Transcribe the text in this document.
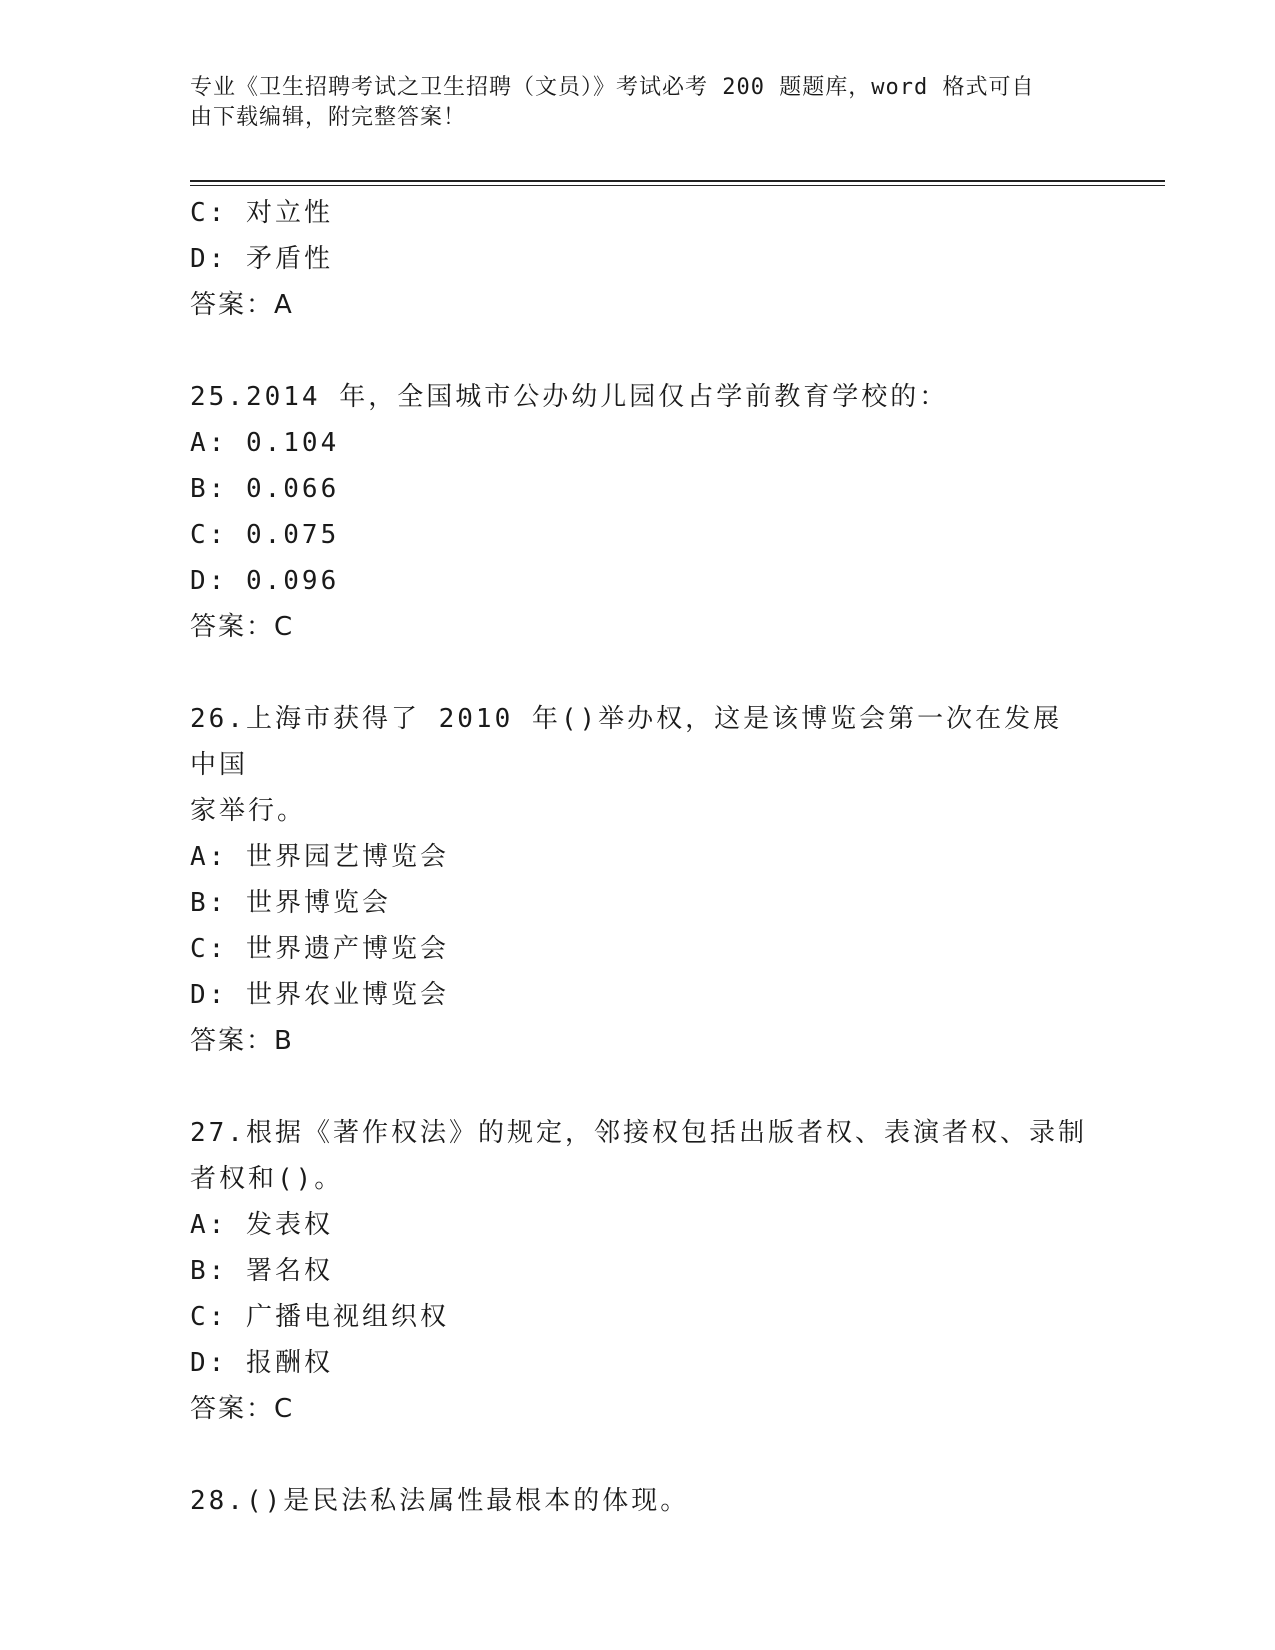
专业《卫生招聘考试之卫生招聘（文员）》考试必考 200 题题库，word 格式可自
由下载编辑，附完整答案！
C: 对立性
D: 矛盾性
答案：A
25.2014 年，全国城市公办幼儿园仅占学前教育学校的：
A: 0.104
B: 0.066
C: 0.075
D: 0.096
答案：C
26.上海市获得了 2010 年()举办权，这是该博览会第一次在发展中国
家举行。
A: 世界园艺博览会
B: 世界博览会
C: 世界遗产博览会
D: 世界农业博览会
答案：B
27.根据《著作权法》的规定，邻接权包括出版者权、表演者权、录制
者权和()。
A: 发表权
B: 署名权
C: 广播电视组织权
D: 报酬权
答案：C
28.()是民法私法属性最根本的体现。
